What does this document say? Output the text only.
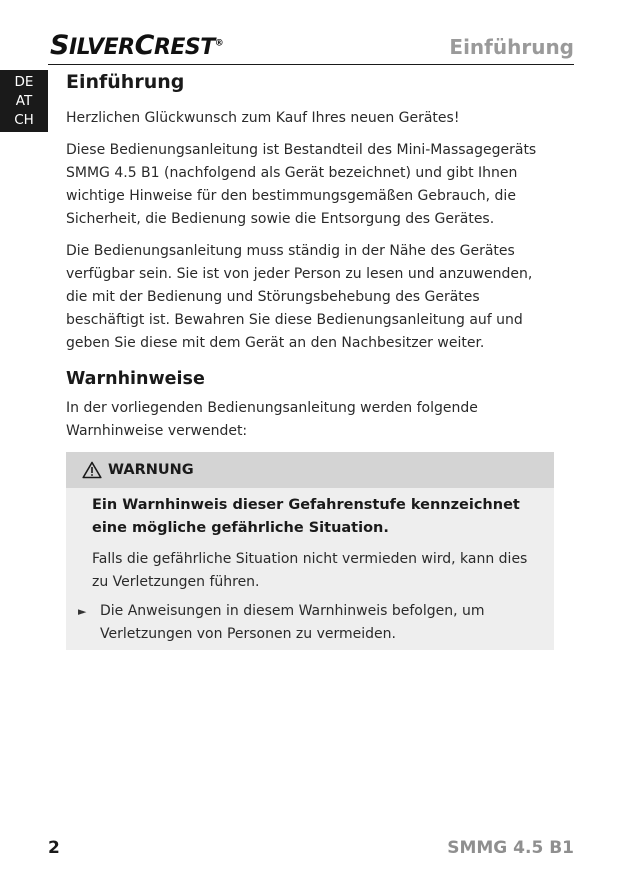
SILVERCREST®	Einführung
DE
AT
CH
Einführung

Herzlichen Glückwunsch zum Kauf Ihres neuen Gerätes!

Diese Bedienungsanleitung ist Bestandteil des Mini-Massagegeräts SMMG 4.5 B1 (nachfolgend als Gerät bezeichnet) und gibt Ihnen wichtige Hinweise für den bestimmungsgemäßen Gebrauch, die Sicherheit, die Bedienung sowie die Entsorgung des Gerätes.

Die Bedienungsanleitung muss ständig in der Nähe des Gerätes verfügbar sein. Sie ist von jeder Person zu lesen und anzuwenden, die mit der Bedienung und Störungsbehebung des Gerätes beschäftigt ist. Bewahren Sie diese Bedienungsanleitung auf und geben Sie diese mit dem Gerät an den Nachbesitzer weiter.

Warnhinweise

In der vorliegenden Bedienungsanleitung werden folgende Warnhinweise verwendet:

WARNUNG
Ein Warnhinweis dieser Gefahrenstufe kennzeichnet eine mögliche gefährliche Situation.

Falls die gefährliche Situation nicht vermieden wird, kann dies zu Verletzungen führen.

► Die Anweisungen in diesem Warnhinweis befolgen, um Verletzungen von Personen zu vermeiden.
2	SMMG 4.5 B1
